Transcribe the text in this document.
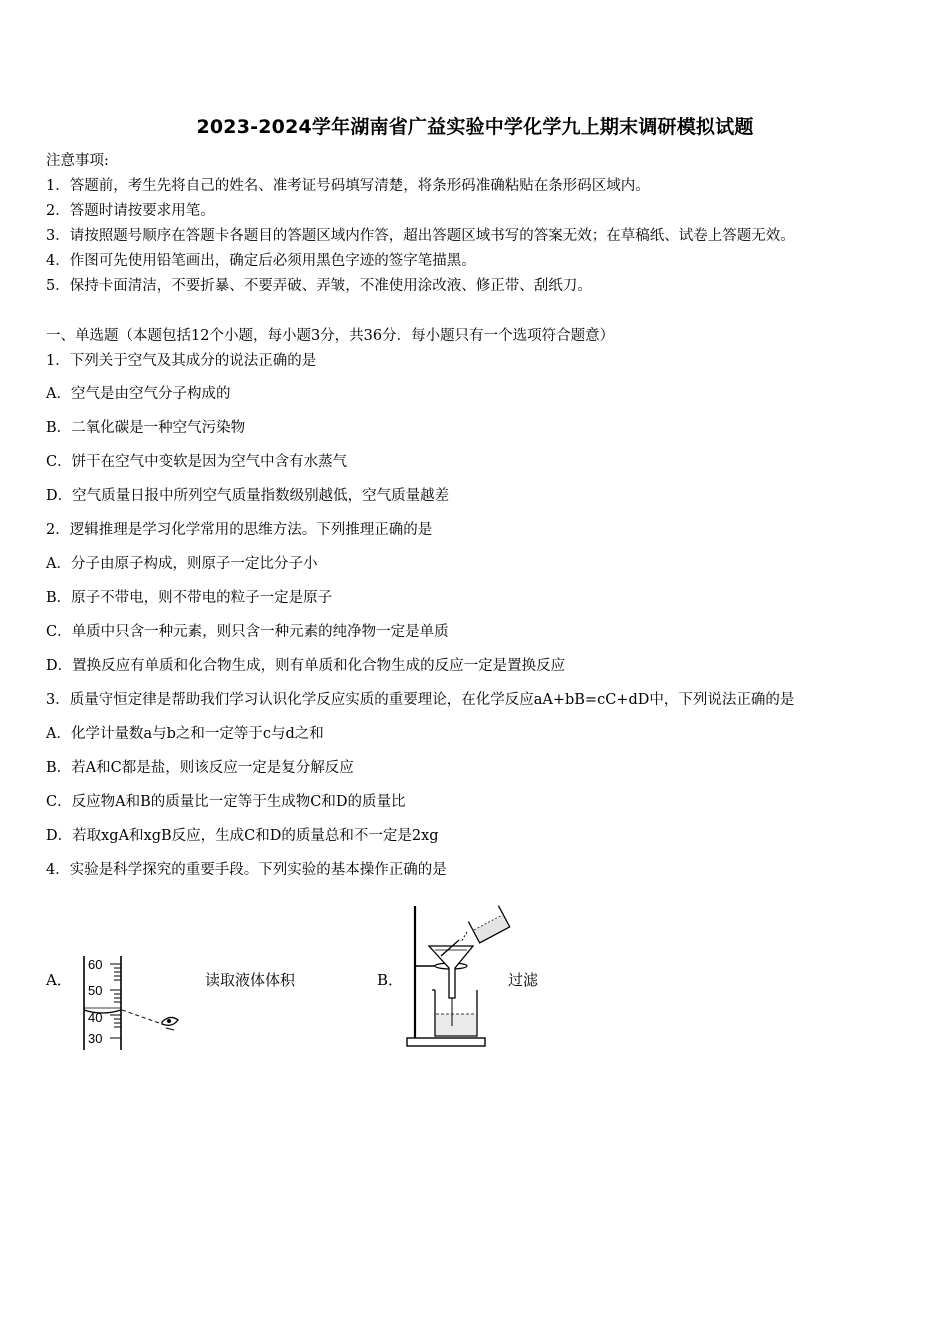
2023-2024学年湖南省广益实验中学化学九上期末调研模拟试题
注意事项:
1．答题前，考生先将自己的姓名、准考证号码填写清楚，将条形码准确粘贴在条形码区域内。
2．答题时请按要求用笔。
3．请按照题号顺序在答题卡各题目的答题区域内作答，超出答题区域书写的答案无效；在草稿纸、试卷上答题无效。
4．作图可先使用铅笔画出，确定后必须用黑色字迹的签字笔描黑。
5．保持卡面清洁，不要折暴、不要弄破、弄皱，不准使用涂改液、修正带、刮纸刀。
一、单选题（本题包括12个小题，每小题3分，共36分．每小题只有一个选项符合题意）
1．下列关于空气及其成分的说法正确的是
A．空气是由空气分子构成的
B．二氧化碳是一种空气污染物
C．饼干在空气中变软是因为空气中含有水蒸气
D．空气质量日报中所列空气质量指数级别越低，空气质量越差
2．逻辑推理是学习化学常用的思维方法。下列推理正确的是
A．分子由原子构成，则原子一定比分子小
B．原子不带电，则不带电的粒子一定是原子
C．单质中只含一种元素，则只含一种元素的纯净物一定是单质
D．置换反应有单质和化合物生成，则有单质和化合物生成的反应一定是置换反应
3．质量守恒定律是帮助我们学习认识化学反应实质的重要理论，在化学反应aA+bB=cC+dD中，下列说法正确的是
A．化学计量数a与b之和一定等于c与d之和
B．若A和C都是盐，则该反应一定是复分解反应
C．反应物A和B的质量比一定等于生成物C和D的质量比
D．若取xgA和xgB反应，生成C和D的质量总和不一定是2xg
4．实验是科学探究的重要手段。下列实验的基本操作正确的是
A．
60
50
40
30
读取液体体积	B．	过滤
